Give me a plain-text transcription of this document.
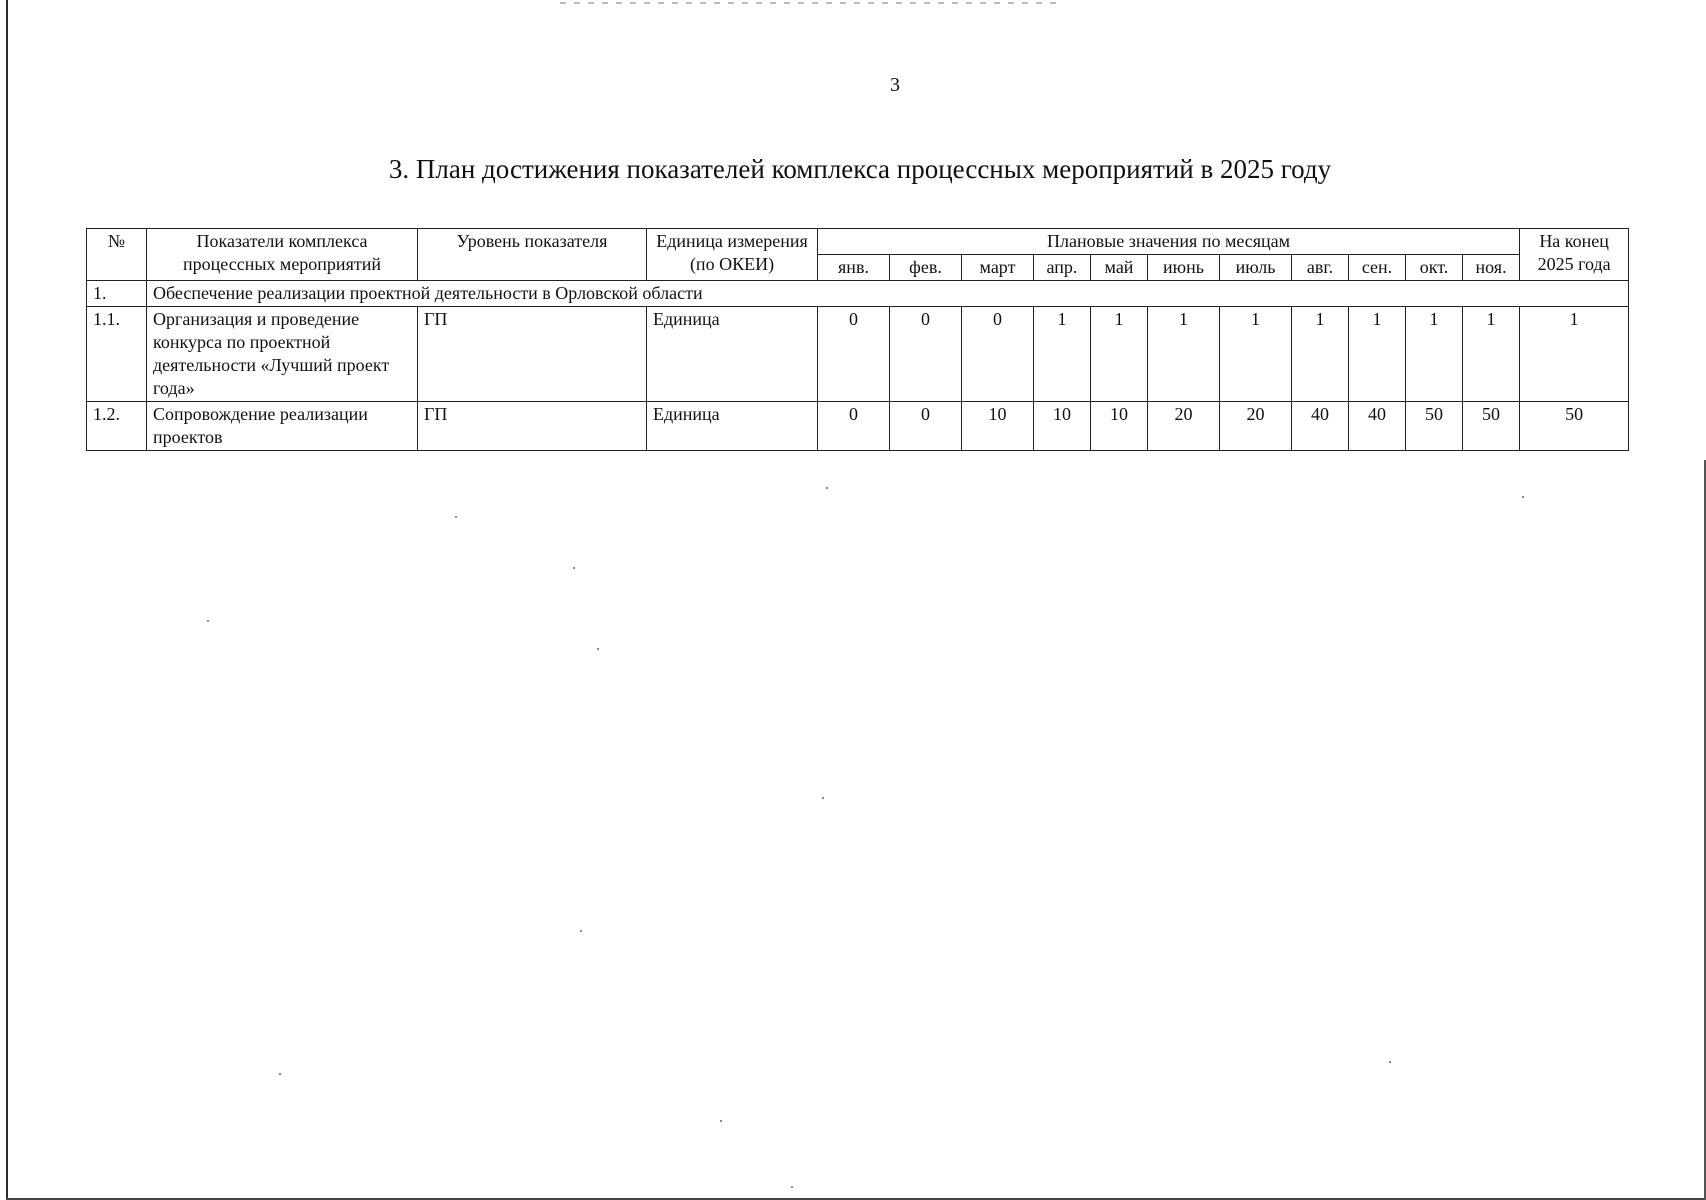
3
3. План достижения показателей комплекса процессных мероприятий в 2025 году
№	Показатели комплекса процессных мероприятий	Уровень показателя	Единица измерения (по ОКЕИ)	Плановые значения по месяцам											На конец 2025 года
				янв.	фев.	март	апр.	май	июнь	июль	авг.	сен.	окт.	ноя.	
1.	Обеспечение реализации проектной деятельности в Орловской области														
1.1.	Организация и проведение конкурса по проектной деятельности «Лучший проект года»	ГП	Единица	0	0	0	1	1	1	1	1	1	1	1	1
1.2.	Сопровождение реализации проектов	ГП	Единица	0	0	10	10	10	20	20	40	40	50	50	50
